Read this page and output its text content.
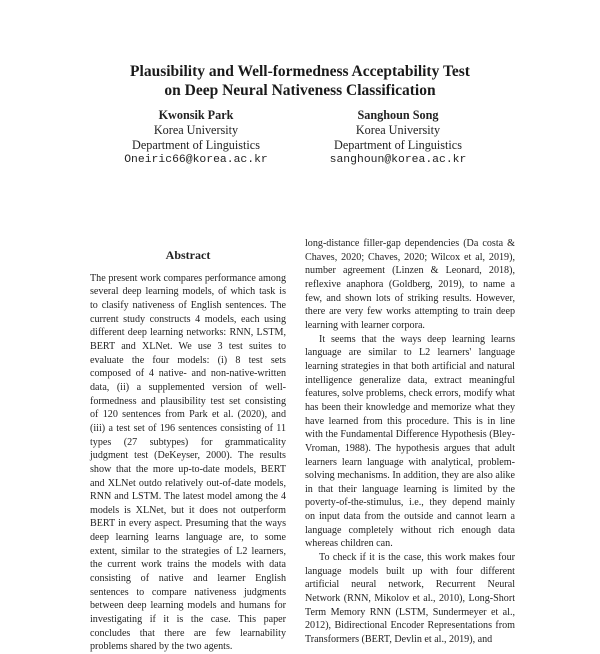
Plausibility and Well-formedness Acceptability Test
on Deep Neural Nativeness Classification
Kwonsik Park
Korea University
Department of Linguistics
Oneiric66@korea.ac.kr
Sanghoun Song
Korea University
Department of Linguistics
sanghoun@korea.ac.kr
Abstract

The present work compares performance among several deep learning models, of which task is to clasify nativeness of English sentences. The current study constructs 4 models, each using different deep learning networks: RNN, LSTM, BERT and XLNet. We use 3 test suites to evaluate the four models: (i) 8 test sets composed of 4 native- and non-native-written data, (ii) a supplemented version of well-formedness and plausibility test set consisting of 120 sentences from Park et al. (2020), and (iii) a test set of 196 sentences consisting of 11 types (27 subtypes) for grammaticality judgment test (DeKeyser, 2000). The results show that the more up-to-date models, BERT and XLNet outdo relatively out-of-date models, RNN and LSTM. The latest model among the 4 models is XLNet, but it does not outperform BERT in every aspect. Presuming that the ways deep learning learns language are, to some extent, similar to the strategies of L2 learners, the current work trains the models with data consisting of native and learner English sentences to compare nativeness judgments between deep learning models and humans for investigating if it is the case. This paper concludes that there are few learnability problems shared by the two agents.

long-distance filler-gap dependencies (Da costa & Chaves, 2020; Chaves, 2020; Wilcox et al, 2019), number agreement (Linzen & Leonard, 2018), reflexive anaphora (Goldberg, 2019), to name a few, and shown lots of striking results. However, there are very few works attempting to train deep learning with learner corpora.

It seems that the ways deep learning learns language are similar to L2 learners' language learning strategies in that both artificial and natural intelligence generalize data, extract meaningful features, solve problems, check errors, modify what has been their knowledge and memorize what they have learned from this procedure. This is in line with the Fundamental Difference Hypothesis (Bley-Vroman, 1988). The hypothesis argues that adult learners learn language with analytical, problem-solving mechanisms. In addition, they are also alike in that their language learning is limited by the poverty-of-the-stimulus, i.e., they depend mainly on input data from the outside and cannot learn a language completely without rich enough data whereas children can.

To check if it is the case, this work makes four language models built up with four different artificial neural network, Recurrent Neural Network (RNN, Mikolov et al., 2010), Long-Short Term Memory RNN (LSTM, Sundermeyer et al., 2012), Bidirectional Encoder Representations from Transformers (BERT, Devlin et al., 2019), and
